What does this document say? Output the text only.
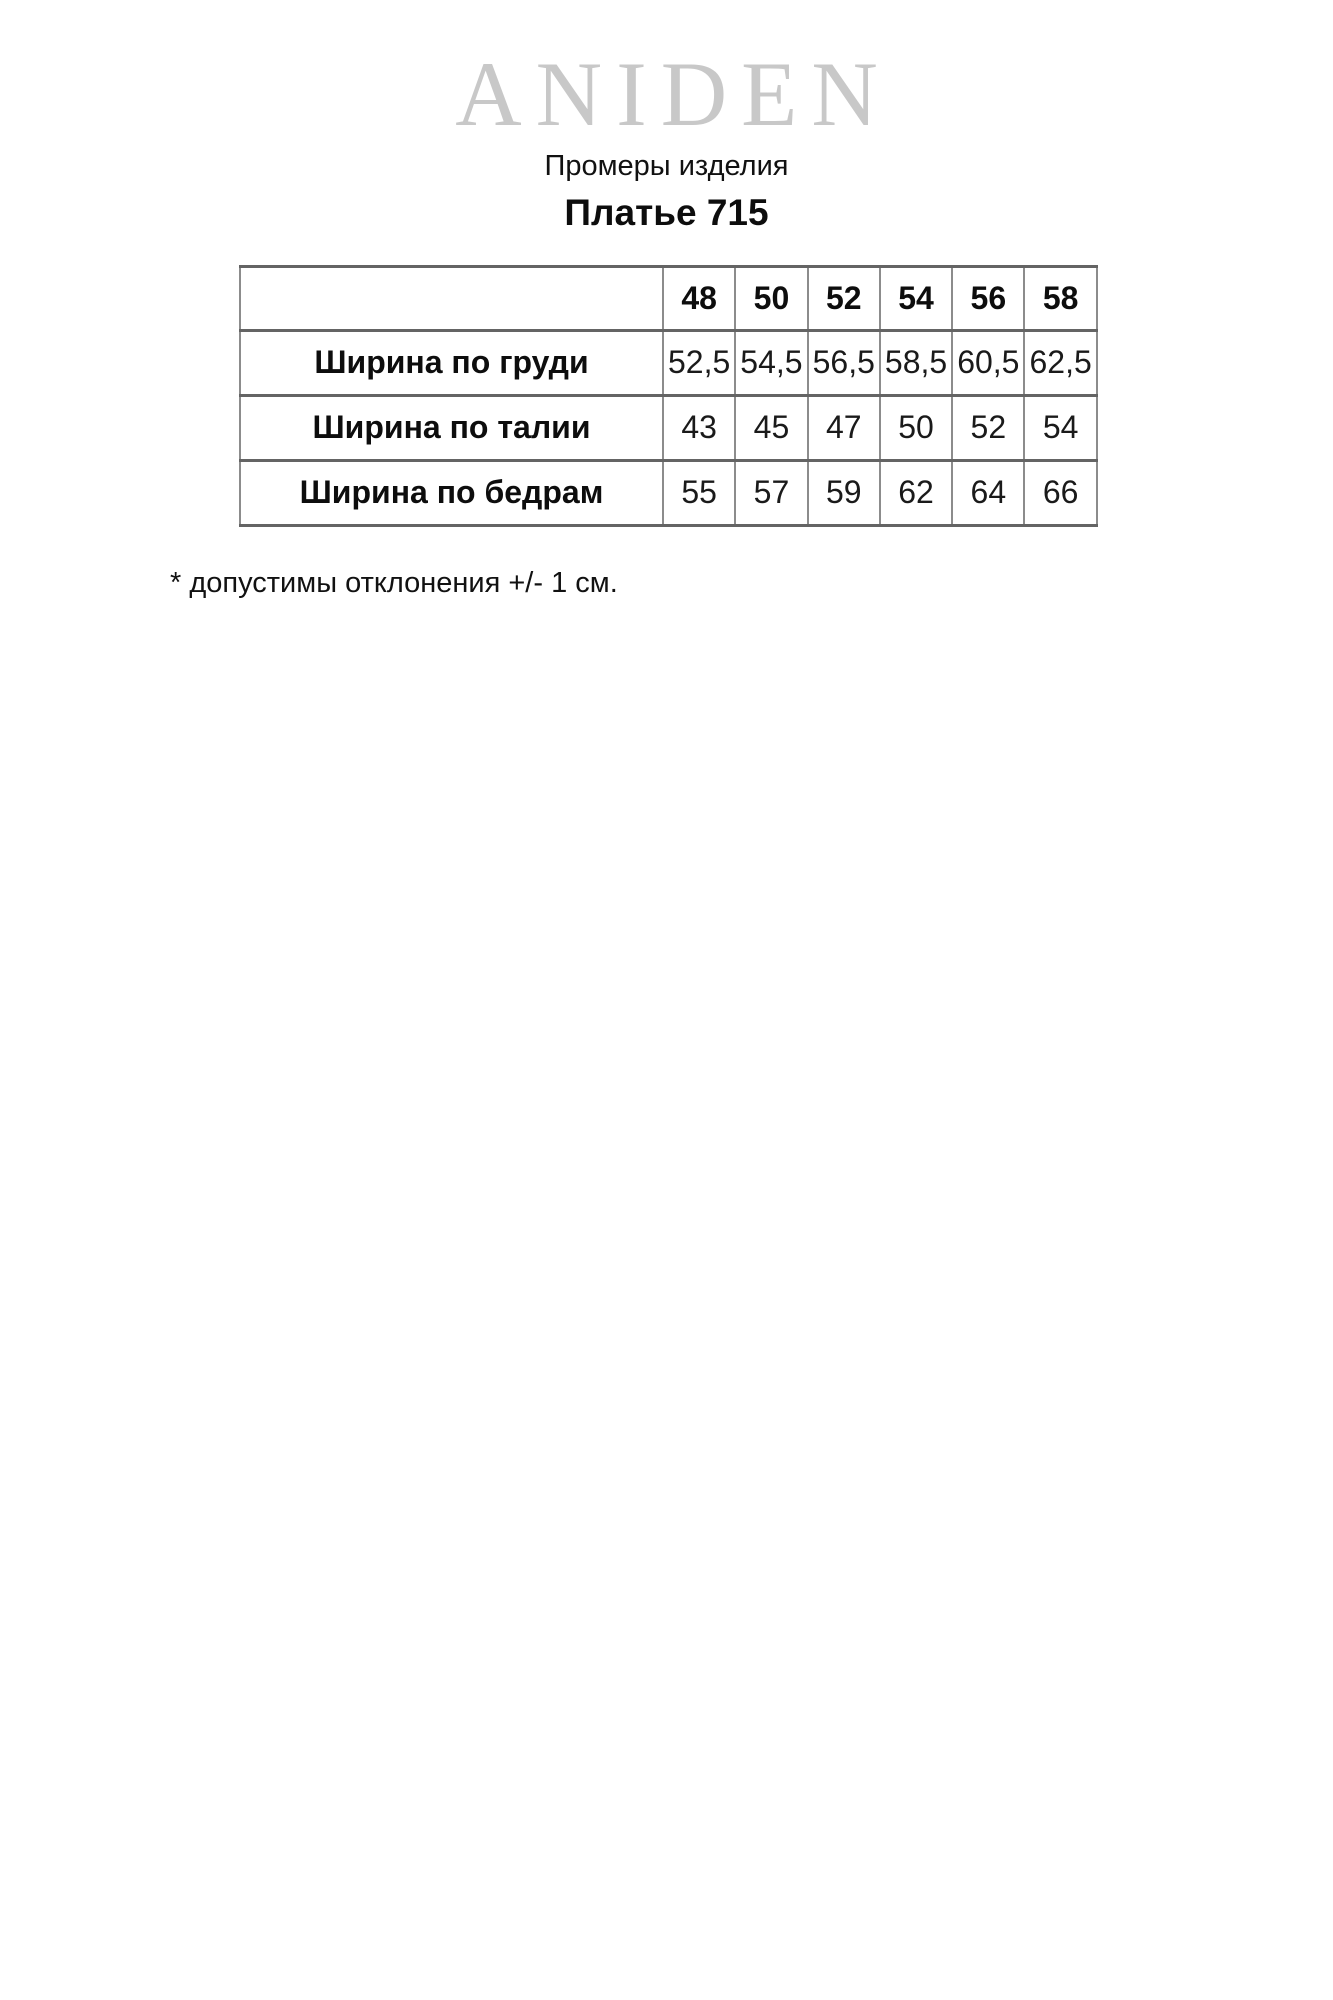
ANIDEN
Промеры изделия
Платье 715
	48	50	52	54	56	58
Ширина по груди	52,5	54,5	56,5	58,5	60,5	62,5
Ширина по талии	43	45	47	50	52	54
Ширина по бедрам	55	57	59	62	64	66
* допустимы отклонения +/- 1 см.
